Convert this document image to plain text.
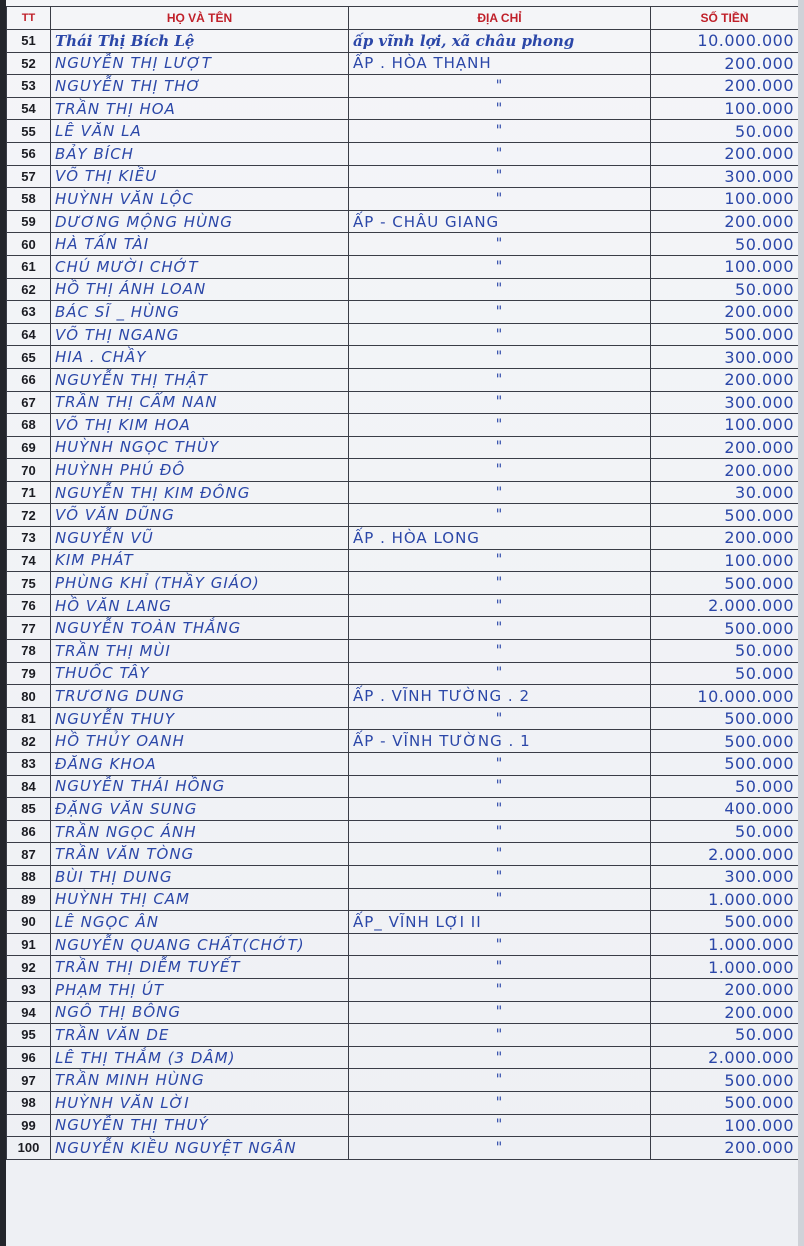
TT	HỌ VÀ TÊN	ĐỊA CHỈ	SỐ TIỀN
51	Thái Thị Bích Lệ	ấp vĩnh lợi, xã châu phong	10.000.000
52	NGUYỄN THỊ LƯỢT	ẤP . HÒA THẠNH	200.000
53	NGUYỄN THỊ THƠ	"	200.000
54	TRẦN THỊ HOA	"	100.000
55	LÊ VĂN LA	"	50.000
56	BẢY BÍCH	"	200.000
57	VÕ THỊ KIỀU	"	300.000
58	HUỲNH VĂN LỘC	"	100.000
59	DƯƠNG MỘNG HÙNG	ẤP - CHÂU GIANG	200.000
60	HÀ TẤN TÀI	"	50.000
61	CHÚ MƯỜI CHỚT	"	100.000
62	HỒ THỊ ÁNH LOAN	"	50.000
63	BÁC SĨ _ HÙNG	"	200.000
64	VÕ THỊ NGANG	"	500.000
65	HIA . CHẦY	"	300.000
66	NGUYỄN THỊ THẬT	"	200.000
67	TRẦN THỊ CẨM NAN	"	300.000
68	VÕ THỊ KIM HOA	"	100.000
69	HUỲNH NGỌC THÙY	"	200.000
70	HUỲNH PHÚ ĐÔ	"	200.000
71	NGUYỄN THỊ KIM ĐÔNG	"	30.000
72	VÕ VĂN DŨNG	"	500.000
73	NGUYỄN VŨ	ẤP . HÒA LONG	200.000
74	KIM PHÁT	"	100.000
75	PHÙNG KHỈ (THẦY GIÁO)	"	500.000
76	HỒ VĂN LANG	"	2.000.000
77	NGUYỄN TOÀN THẮNG	"	500.000
78	TRẦN THỊ MÙI	"	50.000
79	THUỐC TÂY	"	50.000
80	TRƯƠNG DUNG	ẤP . VĨNH TƯỜNG . 2	10.000.000
81	NGUYỄN THUY	"	500.000
82	HỒ THỦY OANH	ẤP - VĨNH TƯỜNG . 1	500.000
83	ĐĂNG KHOA	"	500.000
84	NGUYỄN THÁI HỒNG	"	50.000
85	ĐẶNG VĂN SUNG	"	400.000
86	TRẦN NGỌC ÁNH	"	50.000
87	TRẦN VĂN TÒNG	"	2.000.000
88	BÙI THỊ DUNG	"	300.000
89	HUỲNH THỊ CAM	"	1.000.000
90	LÊ NGỌC ÂN	ẤP_ VĨNH LỢI II	500.000
91	NGUYỄN QUANG CHẤT(CHỚT)	"	1.000.000
92	TRẦN THỊ DIỄM TUYẾT	"	1.000.000
93	PHẠM THỊ ÚT	"	200.000
94	NGÔ THỊ BÔNG	"	200.000
95	TRẦN VĂN DE	"	50.000
96	LÊ THỊ THẮM (3 DÂM)	"	2.000.000
97	TRẦN MINH HÙNG	"	500.000
98	HUỲNH VĂN LỜI	"	500.000
99	NGUYỄN THỊ THUÝ	"	100.000
100	NGUYỄN KIỀU NGUYỆT NGÂN	"	200.000
